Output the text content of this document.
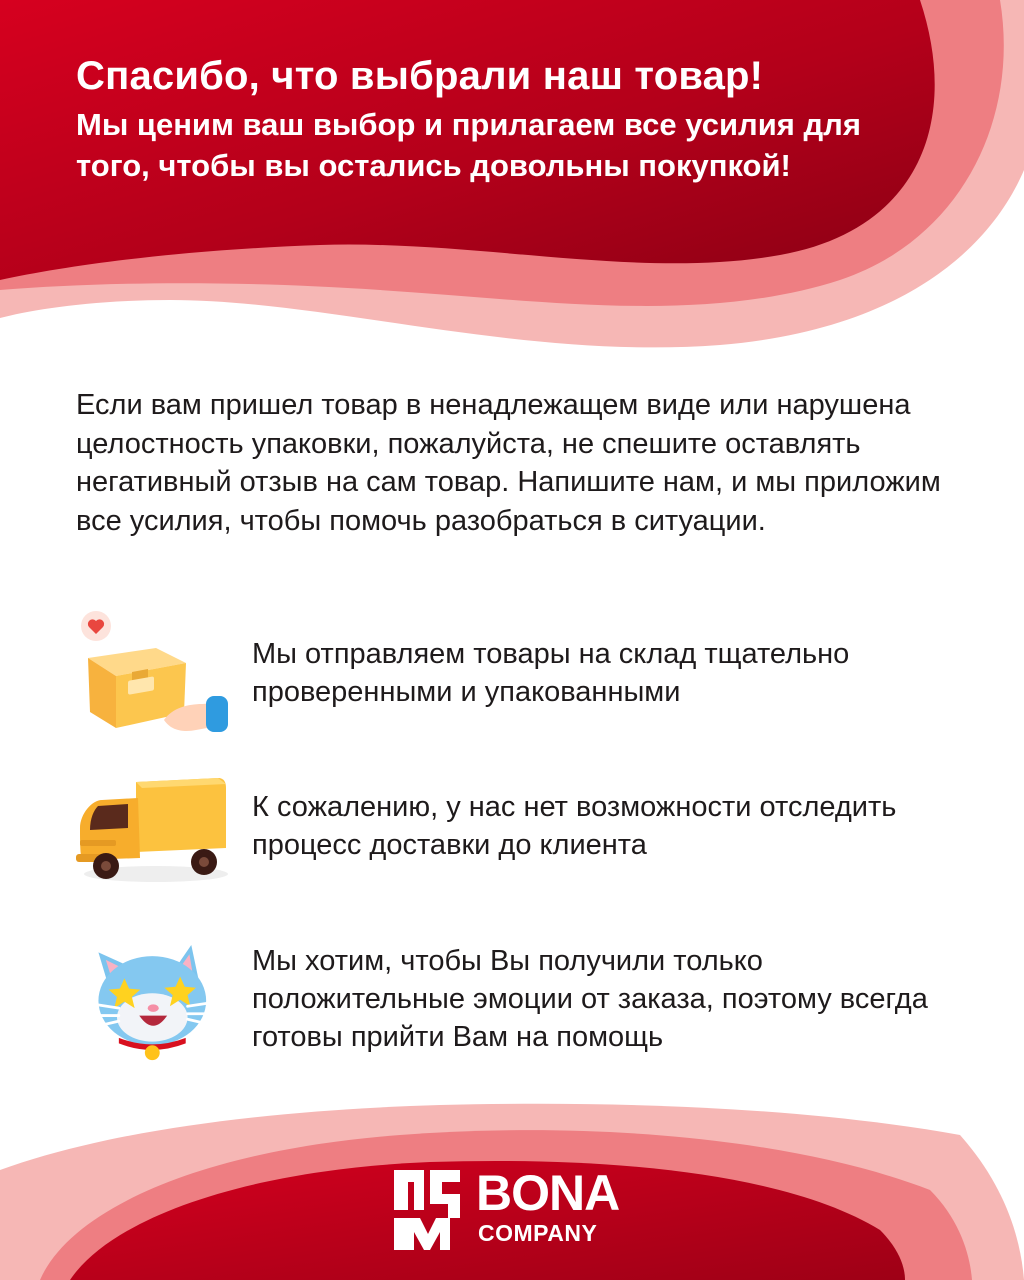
Спасибо, что выбрали наш товар!

Мы ценим ваш выбор и прилагаем все усилия для того, чтобы вы остались довольны покупкой!

Если вам пришел товар в ненадлежащем виде или нарушена целостность упаковки, пожалуйста, не спешите оставлять негативный отзыв на сам товар. Напишите нам, и мы приложим все усилия, чтобы помочь разобраться в ситуации.

Мы отправляем товары на склад тщательно проверенными и упакованными

К сожалению, у нас нет возможности отследить процесс доставки до клиента

Мы хотим, чтобы Вы получили только положительные эмоции от заказа, поэтому всегда готовы прийти Вам на помощь

BONA
COMPANY
